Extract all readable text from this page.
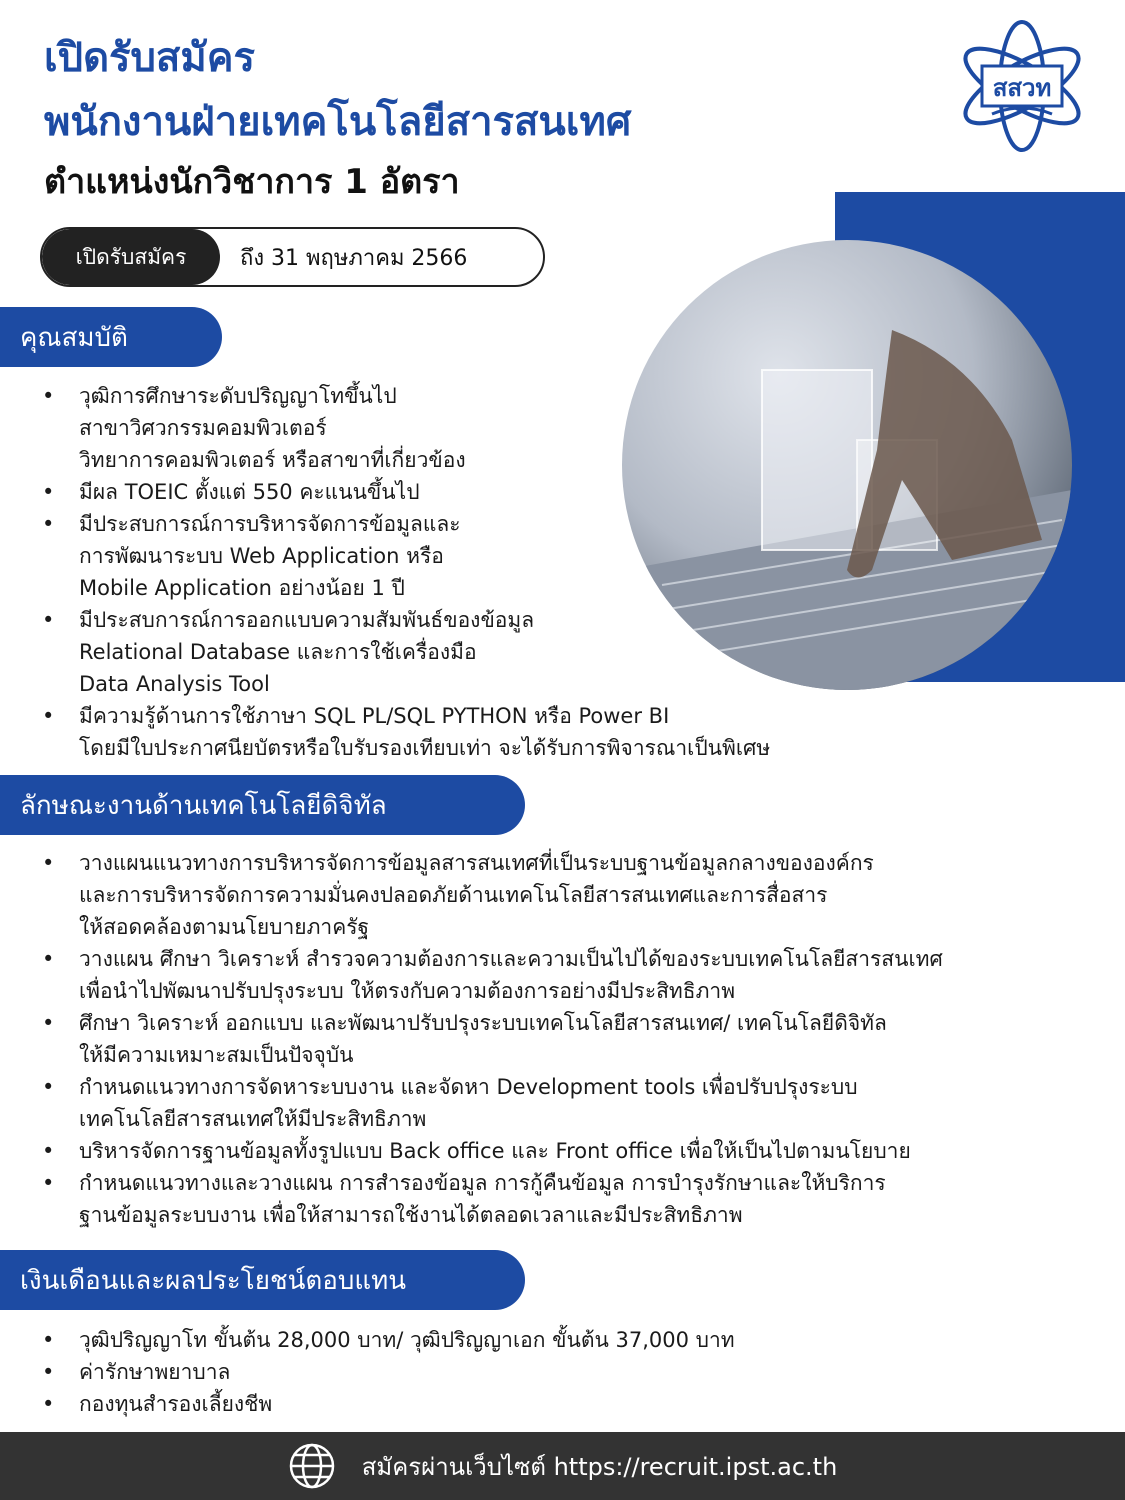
เปิดรับสมัคร
พนักงานฝ่ายเทคโนโลยีสารสนเทศ
ตำแหน่งนักวิชาการ 1 อัตรา
สสวท
เปิดรับสมัคร	ถึง 31 พฤษภาคม 2566
คุณสมบัติ
• วุฒิการศึกษาระดับปริญญาโทขึ้นไป
สาขาวิศวกรรมคอมพิวเตอร์
วิทยาการคอมพิวเตอร์ หรือสาขาที่เกี่ยวข้อง
• มีผล TOEIC ตั้งแต่ 550 คะแนนขึ้นไป
• มีประสบการณ์การบริหารจัดการข้อมูลและ
การพัฒนาระบบ Web Application หรือ
Mobile Application อย่างน้อย 1 ปี
• มีประสบการณ์การออกแบบความสัมพันธ์ของข้อมูล
Relational Database และการใช้เครื่องมือ
Data Analysis Tool
• มีความรู้ด้านการใช้ภาษา SQL PL/SQL PYTHON หรือ Power BI
โดยมีใบประกาศนียบัตรหรือใบรับรองเทียบเท่า จะได้รับการพิจารณาเป็นพิเศษ
ลักษณะงานด้านเทคโนโลยีดิจิทัล
• วางแผนแนวทางการบริหารจัดการข้อมูลสารสนเทศที่เป็นระบบฐานข้อมูลกลางขององค์กร
และการบริหารจัดการความมั่นคงปลอดภัยด้านเทคโนโลยีสารสนเทศและการสื่อสาร
ให้สอดคล้องตามนโยบายภาครัฐ
• วางแผน ศึกษา วิเคราะห์ สำรวจความต้องการและความเป็นไปได้ของระบบเทคโนโลยีสารสนเทศ
เพื่อนำไปพัฒนาปรับปรุงระบบ ให้ตรงกับความต้องการอย่างมีประสิทธิภาพ
• ศึกษา วิเคราะห์ ออกแบบ และพัฒนาปรับปรุงระบบเทคโนโลยีสารสนเทศ/ เทคโนโลยีดิจิทัล
ให้มีความเหมาะสมเป็นปัจจุบัน
• กำหนดแนวทางการจัดหาระบบงาน และจัดหา Development tools เพื่อปรับปรุงระบบ
เทคโนโลยีสารสนเทศให้มีประสิทธิภาพ
• บริหารจัดการฐานข้อมูลทั้งรูปแบบ Back office และ Front office เพื่อให้เป็นไปตามนโยบาย
• กำหนดแนวทางและวางแผน การสำรองข้อมูล การกู้คืนข้อมูล การบำรุงรักษาและให้บริการ
ฐานข้อมูลระบบงาน เพื่อให้สามารถใช้งานได้ตลอดเวลาและมีประสิทธิภาพ
เงินเดือนและผลประโยชน์ตอบแทน
• วุฒิปริญญาโท ขั้นต้น 28,000 บาท/ วุฒิปริญญาเอก ขั้นต้น 37,000 บาท
• ค่ารักษาพยาบาล
• กองทุนสำรองเลี้ยงชีพ
สมัครผ่านเว็บไซต์ https://recruit.ipst.ac.th
